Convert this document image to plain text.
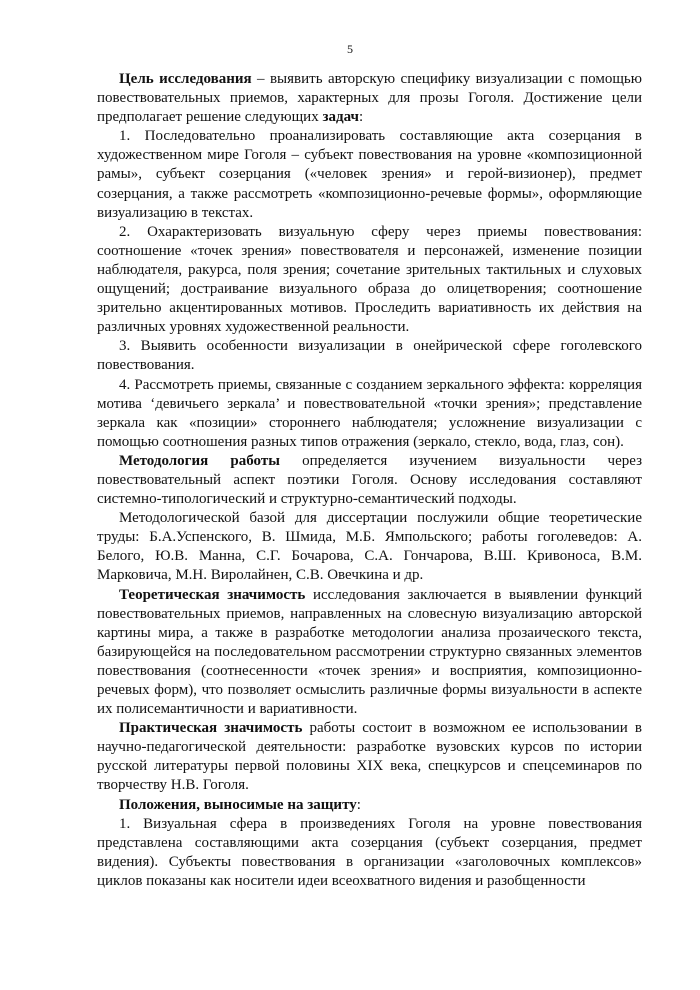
5

Цель исследования – выявить авторскую специфику визуализации с помощью повествовательных приемов, характерных для прозы Гоголя. Достижение цели предполагает решение следующих задач:

1. Последовательно проанализировать составляющие акта созерцания в художественном мире Гоголя – субъект повествования на уровне «композиционной рамы», субъект созерцания («человек зрения» и герой-визионер), предмет созерцания, а также рассмотреть «композиционно-речевые формы», оформляющие визуализацию в текстах.

2. Охарактеризовать визуальную сферу через приемы повествования: соотношение «точек зрения» повествователя и персонажей, изменение позиции наблюдателя, ракурса, поля зрения; сочетание зрительных тактильных и слуховых ощущений; достраивание визуального образа до олицетворения; соотношение зрительно акцентированных мотивов. Проследить вариативность их действия на различных уровнях художественной реальности.

3. Выявить особенности визуализации в онейрической сфере гоголевского повествования.

4. Рассмотреть приемы, связанные с созданием зеркального эффекта: корреляция мотива ‘девичьего зеркала’ и повествовательной «точки зрения»; представление зеркала как «позиции» стороннего наблюдателя; усложнение визуализации с помощью соотношения разных типов отражения (зеркало, стекло, вода, глаз, сон).

Методология работы определяется изучением визуальности через повествовательный аспект поэтики Гоголя. Основу исследования составляют системно-типологический и структурно-семантический подходы.

Методологической базой для диссертации послужили общие теоретические труды: Б.А.Успенского, В. Шмида, М.Б. Ямпольского; работы гоголеведов: А. Белого, Ю.В. Манна, С.Г. Бочарова, С.А. Гончарова, В.Ш. Кривоноса, В.М. Марковича, М.Н. Виролайнен, С.В. Овечкина и др.

Теоретическая значимость исследования заключается в выявлении функций повествовательных приемов, направленных на словесную визуализацию авторской картины мира, а также в разработке методологии анализа прозаического текста, базирующейся на последовательном рассмотрении структурно связанных элементов повествования (соотнесенности «точек зрения» и восприятия, композиционно-речевых форм), что позволяет осмыслить различные формы визуальности в аспекте их полисемантичности и вариативности.

Практическая значимость работы состоит в возможном ее использовании в научно-педагогической деятельности: разработке вузовских курсов по истории русской литературы первой половины XIX века, спецкурсов и спецсеминаров по творчеству Н.В. Гоголя.

Положения, выносимые на защиту:

1. Визуальная сфера в произведениях Гоголя на уровне повествования представлена составляющими акта созерцания (субъект созерцания, предмет видения). Субъекты повествования в организации «заголовочных комплексов» циклов показаны как носители идеи всеохватного видения и разобщенности
